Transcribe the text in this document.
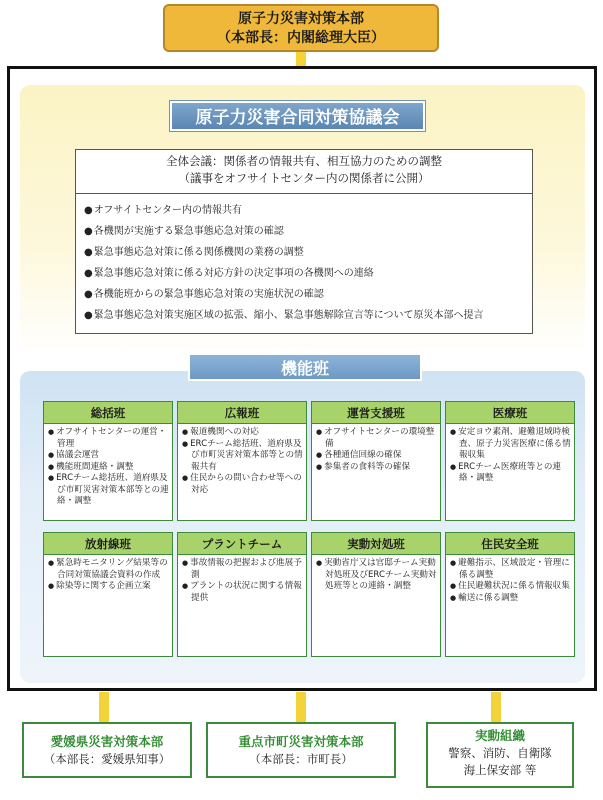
原子力災害対策本部
（本部長：内閣総理大臣）
原子力災害合同対策協議会
全体会議：関係者の情報共有、相互協力のための調整
（議事をオフサイトセンター内の関係者に公開）
● オフサイトセンター内の情報共有
● 各機関が実施する緊急事態応急対策の確認
● 緊急事態応急対策に係る関係機関の業務の調整
● 緊急事態応急対策に係る対応方針の決定事項の各機関への連絡
● 各機能班からの緊急事態応急対策の実施状況の確認
● 緊急事態応急対策実施区域の拡張、縮小、緊急事態解除宣言等について原災本部へ提言
機能班
総括班
● オフサイトセンターの運営・管理
● 協議会運営
● 機能班間連絡・調整
● ERCチーム総括班、道府県及び市町災害対策本部等との連絡・調整
広報班
● 報道機関への対応
● ERCチーム総括班、道府県及び市町災害対策本部等との情報共有
● 住民からの問い合わせ等への対応
運営支援班
● オフサイトセンターの環境整備
● 各種通信回線の確保
● 参集者の食料等の確保
医療班
● 安定ヨウ素剤、避難退域時検査、原子力災害医療に係る情報収集
● ERCチーム医療班等との連絡・調整
放射線班
● 緊急時モニタリング結果等の合同対策協議会資料の作成
● 除染等に関する企画立案
プラントチーム
● 事故情報の把握および進展予測
● プラントの状況に関する情報提供
実動対処班
● 実動省庁又は官邸チーム実動対処班及びERCチーム実動対処班等との連絡・調整
住民安全班
● 避難指示、区域設定・管理に係る調整
● 住民避難状況に係る情報収集
● 輸送に係る調整
愛媛県災害対策本部
（本部長：愛媛県知事）
重点市町災害対策本部
（本部長：市町長）
実動組織
警察、消防、自衛隊
海上保安部 等
